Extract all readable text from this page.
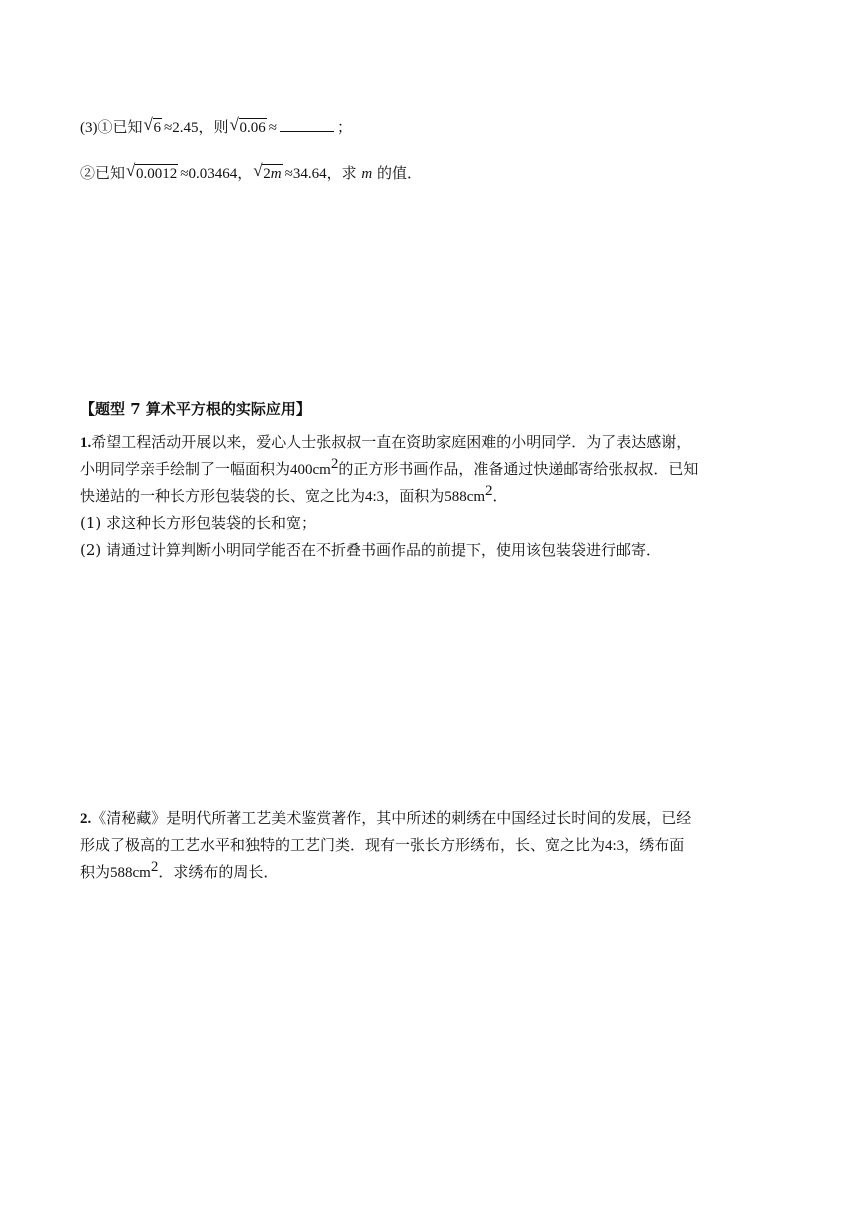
(3)①已知 √ 6 ≈2.45，则 √ 0.06 ≈	；
②已知 √ 0.0012 ≈0.03464， √ 2m ≈34.64，求 m 的值．
【题型 7 算术平方根的实际应用】
1.希望工程活动开展以来，爱心人士张叔叔一直在资助家庭困难的小明同学．为了表达感谢，
小明同学亲手绘制了一幅面积为$400cm^2$的正方形书画作品，准备通过快递邮寄给张叔叔．已知
快递站的一种长方形包装袋的长、宽之比为4:3，面积为$588cm^2$．
(1) 求这种长方形包装袋的长和宽；
(2) 请通过计算判断小明同学能否在不折叠书画作品的前提下，使用该包装袋进行邮寄．
2.《清秘藏》是明代所著工艺美术鉴赏著作，其中所述的刺绣在中国经过长时间的发展，已经
形成了极高的工艺水平和独特的工艺门类．现有一张长方形绣布，长、宽之比为4:3，绣布面
积为$588cm^2$．求绣布的周长．
